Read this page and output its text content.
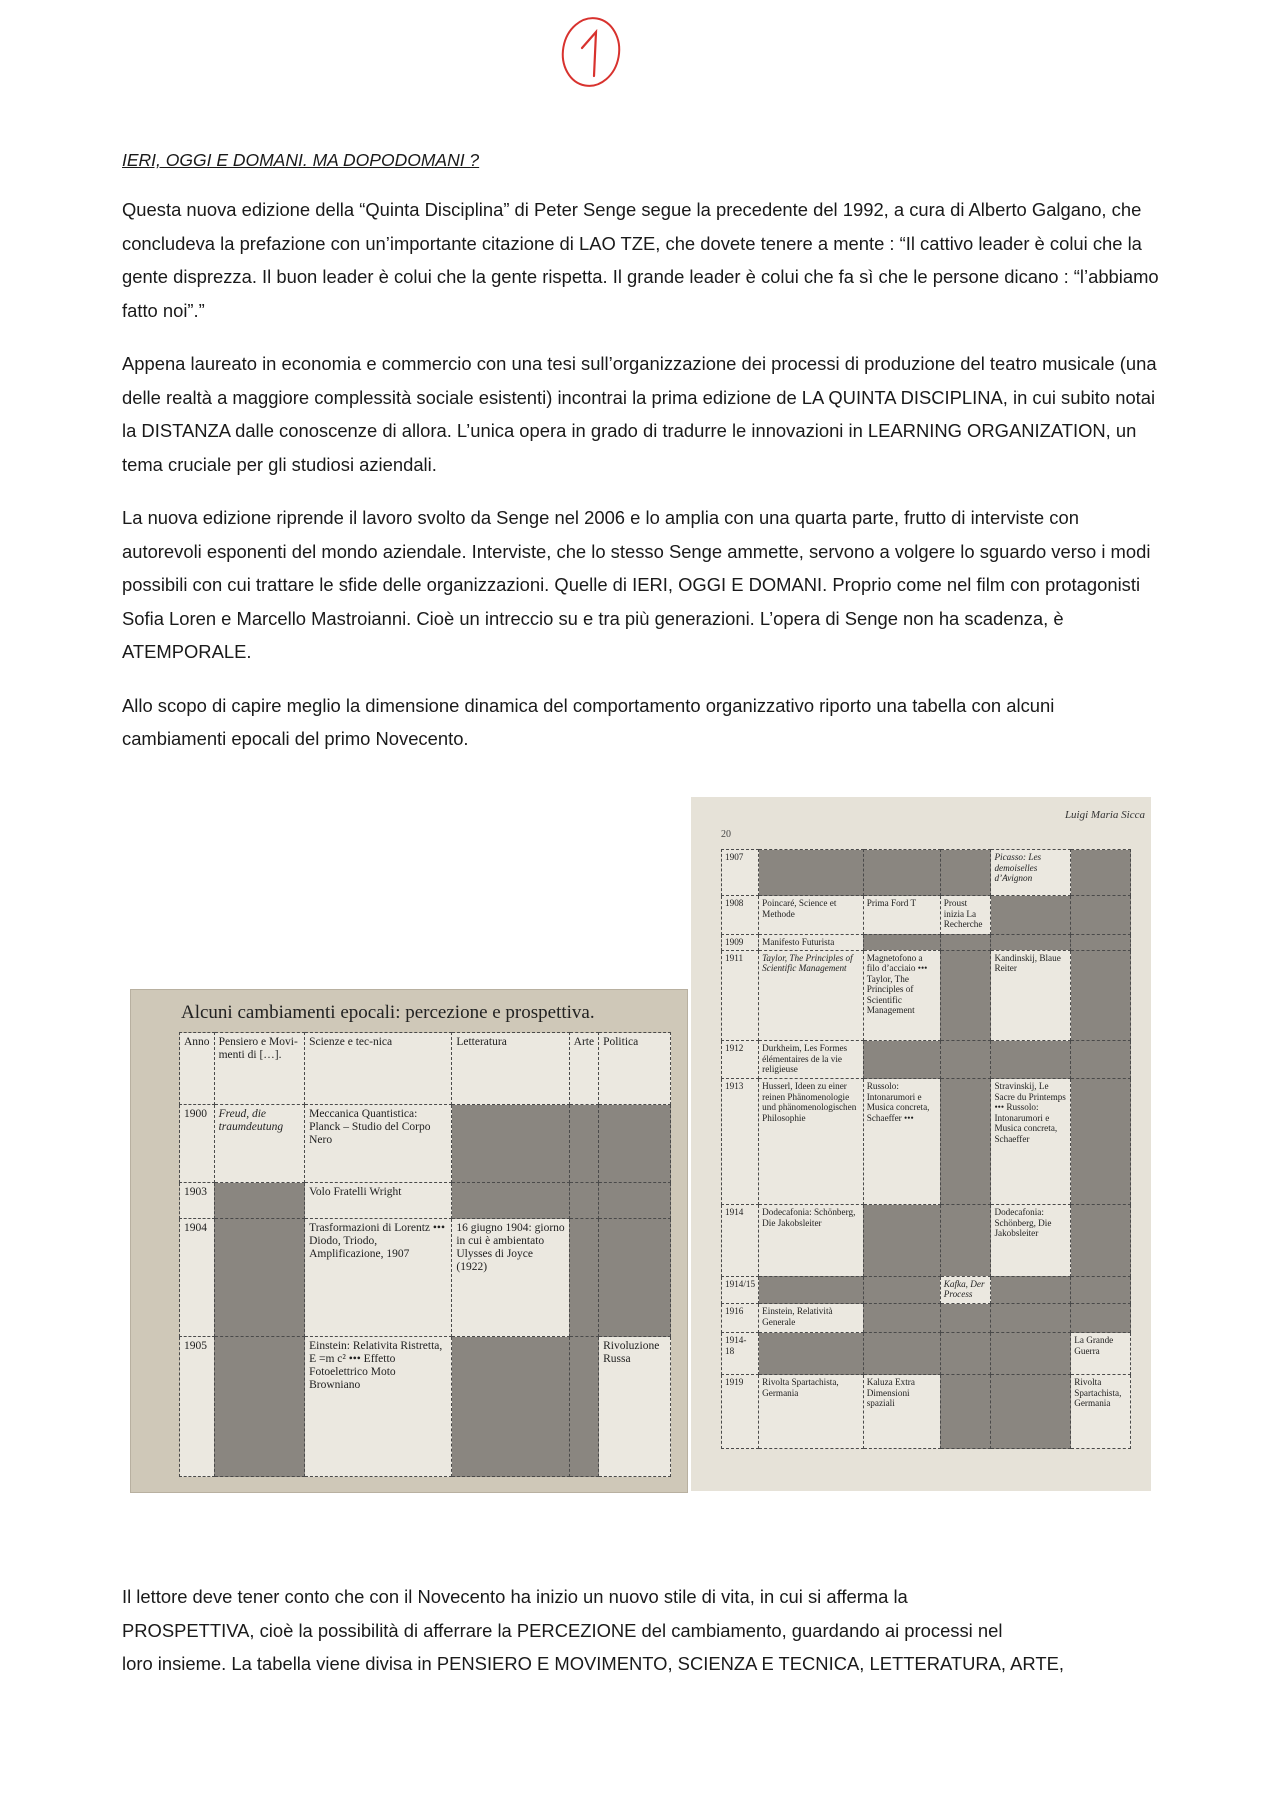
1
IERI, OGGI E DOMANI. MA DOPODOMANI ?

Questa nuova edizione della “Quinta Disciplina” di Peter Senge segue la precedente del 1992, a cura di Alberto Galgano, che concludeva la prefazione con un’importante citazione di LAO TZE, che dovete tenere a mente : “Il cattivo leader è colui che la gente disprezza. Il buon leader è colui che la gente rispetta. Il grande leader è colui che fa sì che le persone dicano : “l’abbiamo fatto noi”.”

Appena laureato in economia e commercio con una tesi sull’organizzazione dei processi di produzione del teatro musicale (una delle realtà a maggiore complessità sociale esistenti) incontrai la prima edizione de LA QUINTA DISCIPLINA, in cui subito notai la DISTANZA dalle conoscenze di allora. L’unica opera in grado di tradurre le innovazioni in LEARNING ORGANIZATION, un tema cruciale per gli studiosi aziendali.

La nuova edizione riprende il lavoro svolto da Senge nel 2006 e lo amplia con una quarta parte, frutto di interviste con autorevoli esponenti del mondo aziendale. Interviste, che lo stesso Senge ammette, servono a volgere lo sguardo verso i modi possibili con cui trattare le sfide delle organizzazioni. Quelle di IERI, OGGI E DOMANI. Proprio come nel film con protagonisti Sofia Loren e Marcello Mastroianni. Cioè un intreccio su e tra più generazioni. L’opera di Senge non ha scadenza, è ATEMPORALE.

Allo scopo di capire meglio la dimensione dinamica del comportamento organizzativo riporto una tabella con alcuni cambiamenti epocali del primo Novecento.

Alcuni cambiamenti epocali: percezione e prospettiva.
Anno	Pensiero e Movi-menti di […].	Scienze e tec-nica	Letteratura	Arte	Politica
1900	Freud, die traumdeutung	Meccanica Quantistica: Planck – Studio del Corpo Nero			
1903		Volo Fratelli Wright			
1904		Trasformazioni di Lorentz ••• Diodo, Triodo, Amplificazione, 1907	16 giugno 1904: giorno in cui è ambientato Ulysses di Joyce (1922)		
1905		Einstein: Relativita Ristretta, E =m c² ••• Effetto Fotoelettrico Moto Browniano			Rivoluzione Russa
Luigi Maria Sicca
20
1907				Picasso: Les demoiselles d’Avignon	
1908	Poincaré, Science et Methode	Prima Ford T	Proust inizia La Recherche		
1909	Manifesto Futurista				
1911	Taylor, The Principles of Scientific Management	Magnetofono a filo d’acciaio ••• Taylor, The Principles of Scientific Management		Kandinskij, Blaue Reiter	
1912	Durkheim, Les Formes élémentaires de la vie religieuse				
1913	Husserl, Ideen zu einer reinen Phänomenologie und phänomenologischen Philosophie	Russolo: Intonarumori e Musica concreta, Schaeffer •••		Stravinskij, Le Sacre du Printemps ••• Russolo: Intonarumori e Musica concreta, Schaeffer	
1914	Dodecafonia: Schönberg, Die Jakobsleiter			Dodecafonia: Schönberg, Die Jakobsleiter	
1914/15			Kafka, Der Process		
1916	Einstein, Relatività Generale				
1914-18					La Grande Guerra
1919	Rivolta Spartachista, Germania	Kaluza Extra Dimensioni spaziali			Rivolta Spartachista, Germania

Il lettore deve tener conto che con il Novecento ha inizio un nuovo stile di vita, in cui si afferma la

PROSPETTIVA, cioè la possibilità di afferrare la PERCEZIONE del cambiamento, guardando ai processi nel

loro insieme. La tabella viene divisa in PENSIERO E MOVIMENTO, SCIENZA E TECNICA, LETTERATURA, ARTE,
